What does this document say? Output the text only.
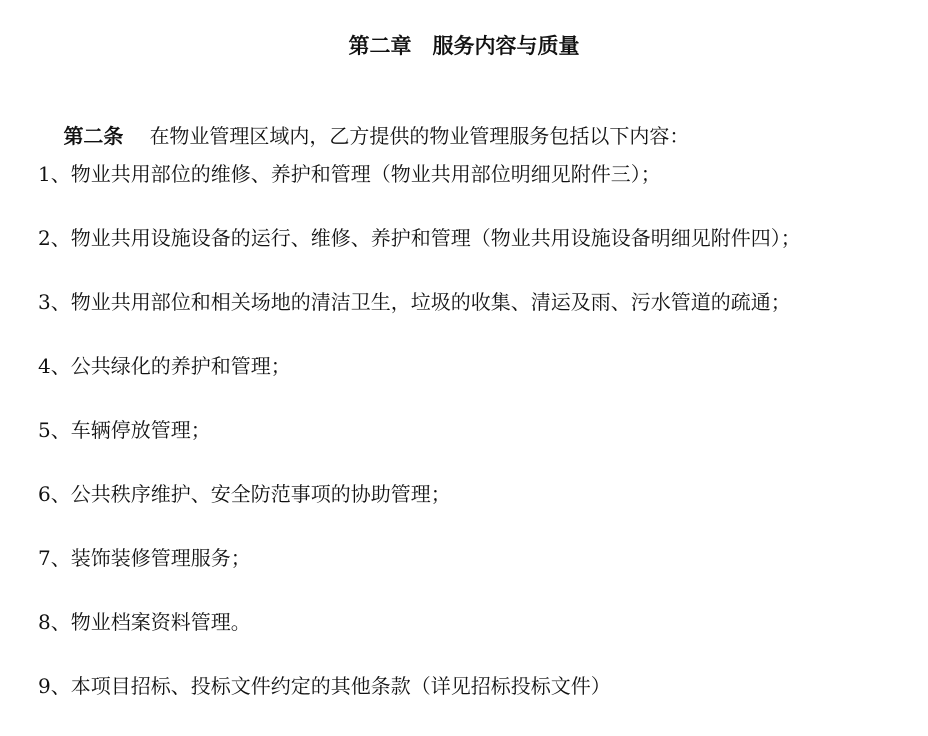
第二章　服务内容与质量

第二条 在物业管理区域内，乙方提供的物业管理服务包括以下内容：

1、物业共用部位的维修、养护和管理（物业共用部位明细见附件三）；
2、物业共用设施设备的运行、维修、养护和管理（物业共用设施设备明细见附件四）；
3、物业共用部位和相关场地的清洁卫生，垃圾的收集、清运及雨、污水管道的疏通；
4、公共绿化的养护和管理；
5、车辆停放管理；
6、公共秩序维护、安全防范事项的协助管理；
7、装饰装修管理服务；
8、物业档案资料管理。
9、本项目招标、投标文件约定的其他条款（详见招标投标文件）
